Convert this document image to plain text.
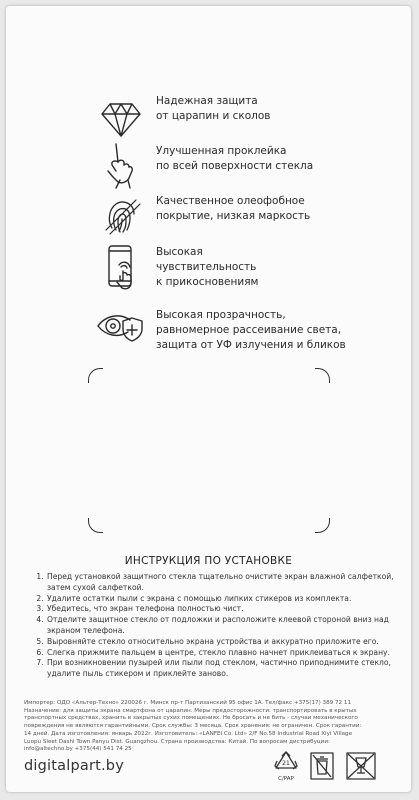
Надежная защита
от царапин и сколов
Улучшенная проклейка
по всей поверхности стекла
Качественное олеофобное
покрытие, низкая маркость
Высокая
чувствительность
к прикосновениям
Высокая прозрачность,
равномерное рассеивание света,
защита от УФ излучения и бликов
ИНСТРУКЦИЯ ПО УСТАНОВКЕ
1. Перед установкой защитного стекла тщательно очистите экран влажной салфеткой, затем сухой салфеткой.
2. Удалите остатки пыли с экрана с помощью липких стикеров из комплекта.
3. Убедитесь, что экран телефона полностью чист.
4. Отделите защитное стекло от подложки и расположите клеевой стороной вниз над экраном телефона.
5. Выровняйте стекло относительно экрана устройства и аккуратно приложите его.
6. Слегка прижмите пальцем в центре, стекло плавно начнет приклеиваться к экрану.
7. При возникновении пузырей или пыли под стеклом, частично приподнимите стекло, удалите пыль стикером и приклейте заново.
Импортер: ОДО «Альтер-Техно» 220026 г. Минск пр-т Партизанский 95 офис 1А. Тел/факс +375(17) 389 72 11
Назначение: для защиты экрана смартфона от царапин. Меры предосторожности: транспортировать в крытых
транспортных средствах, хранить в закрытых сухих помещениях. Не бросать и не бить - случаи механического
повреждения не являются гарантийными. Срок службы: 3 месяца. Срок хранения: не ограничен. Срок гарантии:
14 дней. Дата изготовления: январь 2022г. Изготовитель: «LANFEI Co. Ltd» 2/F No.58 Industrial Road Xiyi Village
Luopu Sleet Dashi Town Panyu Dist. Guangzhou. Страна производства: Китай. По вопросам дистрибуции:
info@altechno.by +375(44) 541 74 25
digitalpart.by	21
C/PAP
